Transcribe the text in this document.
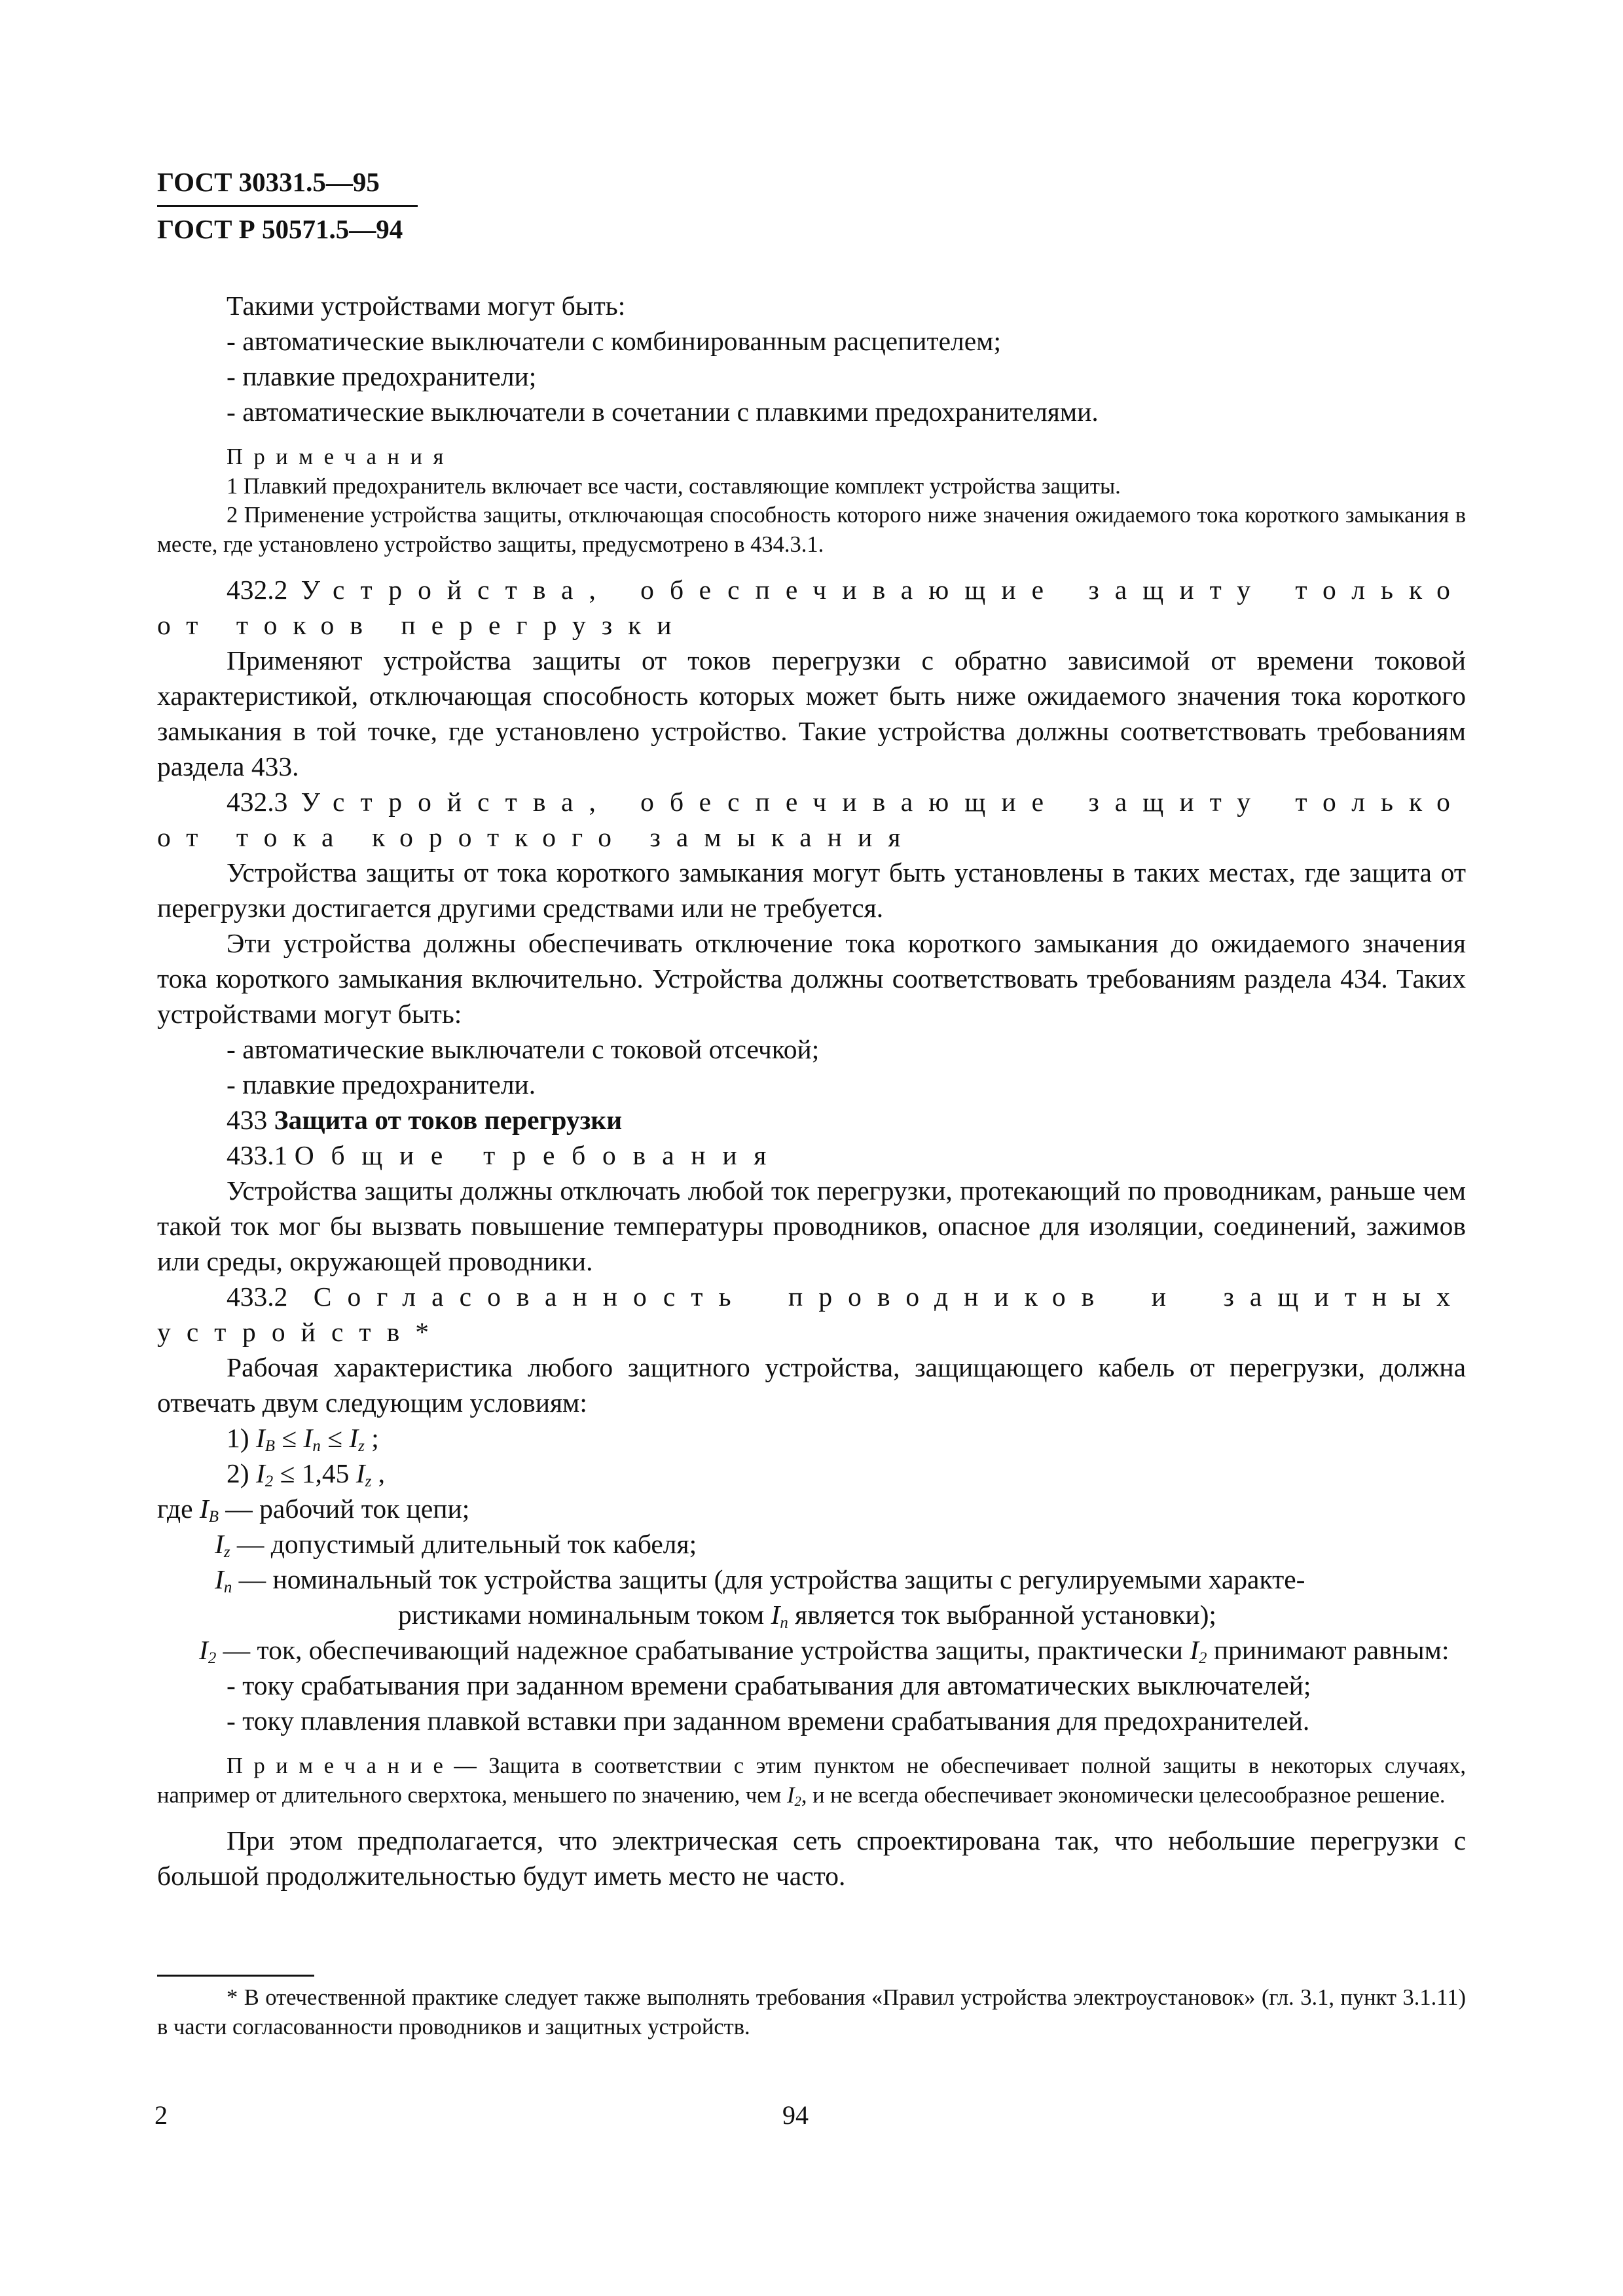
ГОСТ 30331.5—95
ГОСТ Р 50571.5—94

Такими устройствами могут быть:

- автоматические выключатели с комбинированным расцепителем;

- плавкие предохранители;

- автоматические выключатели в сочетании с плавкими предохранителями.

Примечания

1 Плавкий предохранитель включает все части, составляющие комплект устройства защиты.

2 Применение устройства защиты, отключающая способность которого ниже значения ожидаемого тока короткого замыкания в месте, где установлено устройство защиты, предусмотрено в 434.3.1.

432.2 Устройства, обеспечивающие защиту только от токов перегрузки

Применяют устройства защиты от токов перегрузки с обратно зависимой от времени токовой характеристикой, отключающая способность которых может быть ниже ожидаемого значения тока короткого замыкания в той точке, где установлено устройство. Такие устройства должны соответствовать требованиям раздела 433.

432.3 Устройства, обеспечивающие защиту только от тока короткого замыкания

Устройства защиты от тока короткого замыкания могут быть установлены в таких местах, где защита от перегрузки достигается другими средствами или не требуется.

Эти устройства должны обеспечивать отключение тока короткого замыкания до ожидаемого значения тока короткого замыкания включительно. Устройства должны соответствовать требованиям раздела 434. Таких устройствами могут быть:

- автоматические выключатели с токовой отсечкой;

- плавкие предохранители.

433 Защита от токов перегрузки

433.1 Общие требования

Устройства защиты должны отключать любой ток перегрузки, протекающий по проводникам, раньше чем такой ток мог бы вызвать повышение температуры проводников, опасное для изоляции, соединений, зажимов или среды, окружающей проводники.

433.2 Согласованность проводников и защитных устройств*

Рабочая характеристика любого защитного устройства, защищающего кабель от перегрузки, должна отвечать двум следующим условиям:

1) $I_B \le I_n \le I_z$ ;

2) $I_2 \le 1,45$ $I_z$ ,

где $I_B$ — рабочий ток цепи;

$I_z$ — допустимый длительный ток кабеля;

$I_n$ — номинальный ток устройства защиты (для устройства защиты с регулируемыми характе-

ристиками номинальным током $I_n$ является ток выбранной установки);

$I_2$ — ток, обеспечивающий надежное срабатывание устройства защиты, практически $I_2$ принимают равным:

- току срабатывания при заданном времени срабатывания для автоматических выключателей;

- току плавления плавкой вставки при заданном времени срабатывания для предохранителей.

Примечание— Защита в соответствии с этим пунктом не обеспечивает полной защиты в некоторых случаях, например от длительного сверхтока, меньшего по значению, чем $I_2$, и не всегда обеспечивает экономически целесообразное решение.

При этом предполагается, что электрическая сеть спроектирована так, что небольшие перегрузки с большой продолжительностью будут иметь место не часто.

* В отечественной практике следует также выполнять требования «Правил устройства электроустановок» (гл. 3.1, пункт 3.1.11) в части согласованности проводников и защитных устройств.

2	94
